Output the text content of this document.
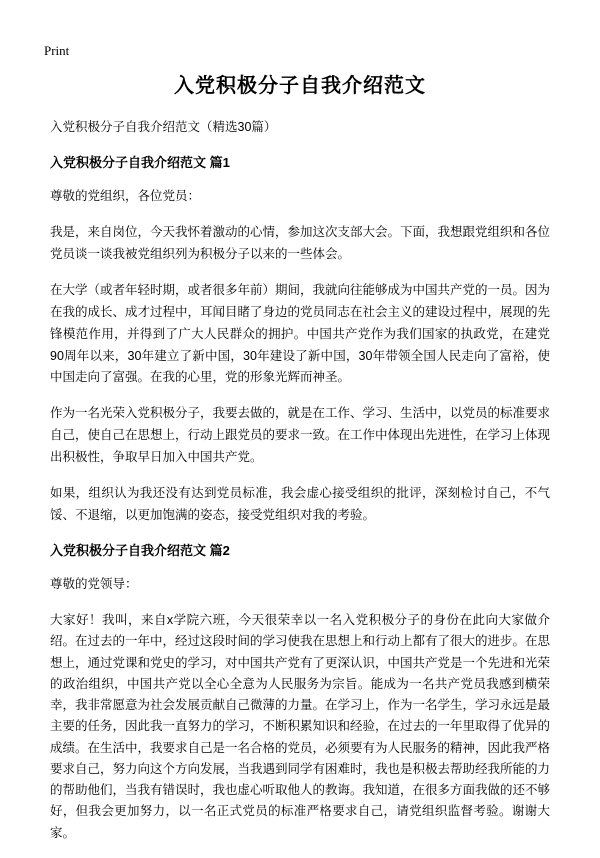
Print
入党积极分子自我介绍范文

入党积极分子自我介绍范文（精选30篇）

入党积极分子自我介绍范文 篇1

尊敬的党组织，各位党员：

我是，来自岗位，今天我怀着激动的心情，参加这次支部大会。下面，我想跟党组织和各位党员谈一谈我被党组织列为积极分子以来的一些体会。

在大学（或者年轻时期，或者很多年前）期间，我就向往能够成为中国共产党的一员。因为在我的成长、成才过程中，耳闻目睹了身边的党员同志在社会主义的建设过程中，展现的先锋模范作用，并得到了广大人民群众的拥护。中国共产党作为我们国家的执政党，在建党90周年以来，30年建立了新中国，30年建设了新中国，30年带领全国人民走向了富裕，使中国走向了富强。在我的心里，党的形象光辉而神圣。

作为一名光荣入党积极分子，我要去做的，就是在工作、学习、生活中，以党员的标准要求自己，使自己在思想上，行动上跟党员的要求一致。在工作中体现出先进性，在学习上体现出积极性，争取早日加入中国共产党。

如果，组织认为我还没有达到党员标准，我会虚心接受组织的批评，深刻检讨自己，不气馁、不退缩，以更加饱满的姿态，接受党组织对我的考验。

入党积极分子自我介绍范文 篇2

尊敬的党领导：

大家好！我叫，来自x学院六班，今天很荣幸以一名入党积极分子的身份在此向大家做介绍。在过去的一年中，经过这段时间的学习使我在思想上和行动上都有了很大的进步。在思想上，通过党课和党史的学习，对中国共产党有了更深认识，中国共产党是一个先进和光荣的政治组织，中国共产党以全心全意为人民服务为宗旨。能成为一名共产党员我感到横荣幸，我非常愿意为社会发展贡献自己微薄的力量。在学习上，作为一名学生，学习永远是最主要的任务，因此我一直努力的学习，不断积累知识和经验，在过去的一年里取得了优异的成绩。在生活中，我要求自己是一名合格的党员，必须要有为人民服务的精神，因此我严格要求自己，努力向这个方向发展，当我遇到同学有困难时，我也是积极去帮助经我所能的力的帮助他们，当我有错误时，我也虚心听取他人的教诲。我知道，在很多方面我做的还不够好，但我会更加努力，以一名正式党员的标准严格要求自己，请党组织监督考验。谢谢大家。
